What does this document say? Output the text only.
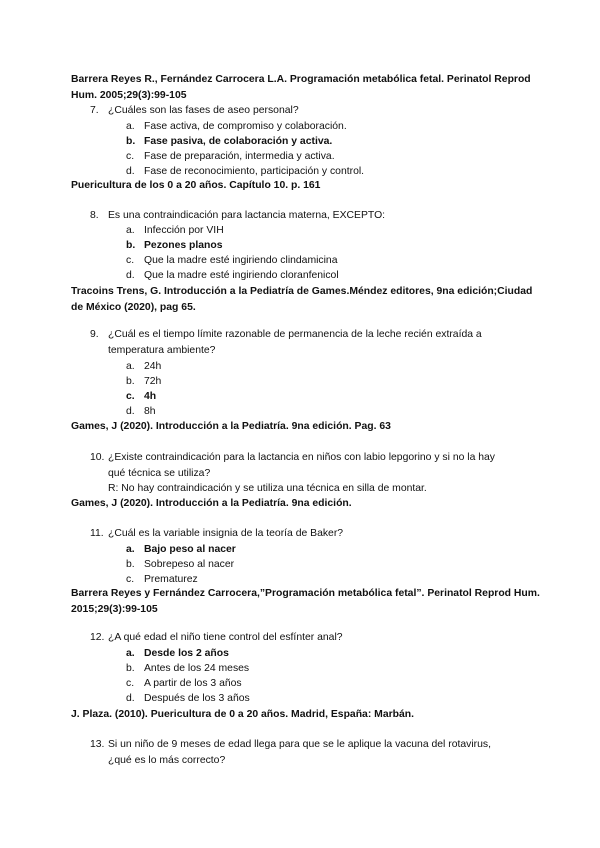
Barrera Reyes R., Fernández Carrocera L.A. Programación metabólica fetal. Perinatol Reprod Hum. 2005;29(3):99-105
7. ¿Cuáles son las fases de aseo personal?
a. Fase activa, de compromiso y colaboración.
b. Fase pasiva, de colaboración y activa.
c. Fase de preparación, intermedia y activa.
d. Fase de reconocimiento, participación y control.
Puericultura de los 0 a 20 años. Capítulo 10. p. 161
8. Es una contraindicación para lactancia materna, EXCEPTO:
a. Infección por VIH
b. Pezones planos
c. Que la madre esté ingiriendo clindamicina
d. Que la madre esté ingiriendo cloranfenicol
Tracoins Trens, G. Introducción a la Pediatría de Games.Méndez editores, 9na edición;Ciudad de México (2020), pag 65.
9. ¿Cuál es el tiempo límite razonable de permanencia de la leche recién extraída a
temperatura ambiente?
a. 24h
b. 72h
c. 4h
d. 8h
Games, J (2020). Introducción a la Pediatría. 9na edición. Pag. 63
10. ¿Existe contraindicación para la lactancia en niños con labio lepgorino y si no la hay
qué técnica se utiliza?
R: No hay contraindicación y se utiliza una técnica en silla de montar.
Games, J (2020). Introducción a la Pediatría. 9na edición.
11. ¿Cuál es la variable insignia de la teoría de Baker?
a. Bajo peso al nacer
b. Sobrepeso al nacer
c. Prematurez
Barrera Reyes y Fernández Carrocera,”Programación metabólica fetal”. Perinatol Reprod Hum. 2015;29(3):99-105
12. ¿A qué edad el niño tiene control del esfínter anal?
a. Desde los 2 años
b. Antes de los 24 meses
c. A partir de los 3 años
d. Después de los 3 años
J. Plaza. (2010). Puericultura de 0 a 20 años. Madrid, España: Marbán.
13. Si un niño de 9 meses de edad llega para que se le aplique la vacuna del rotavirus,
¿qué es lo más correcto?
